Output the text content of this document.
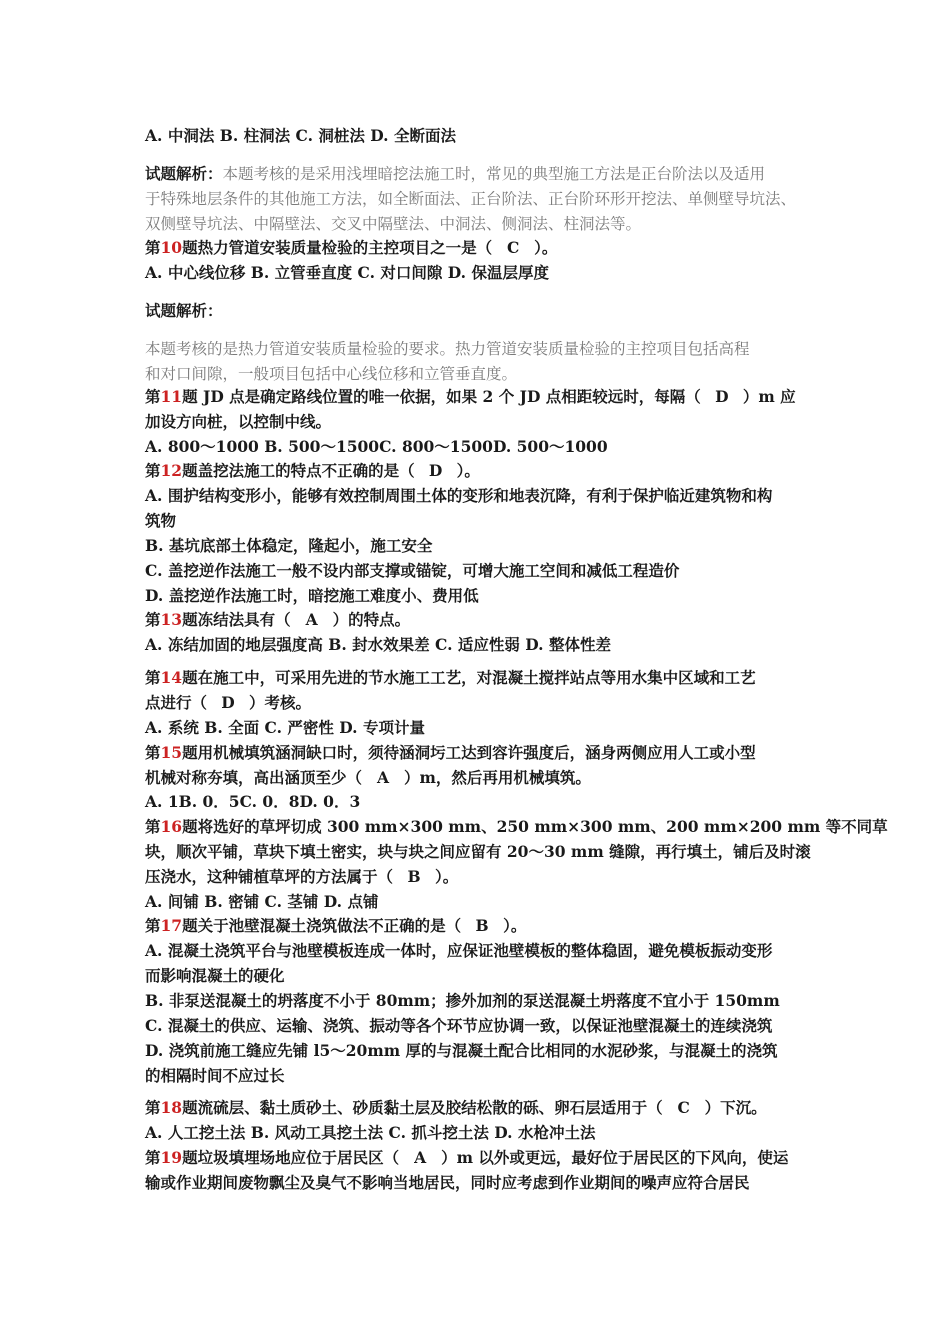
A. 中洞法 B. 柱洞法 C. 洞桩法 D. 全断面法
试题解析：本题考核的是采用浅埋暗挖法施工时，常见的典型施工方法是正台阶法以及适用
于特殊地层条件的其他施工方法，如全断面法、正台阶法、正台阶环形开挖法、单侧壁导坑法、
双侧壁导坑法、中隔壁法、交叉中隔壁法、中洞法、侧洞法、柱洞法等。
第10题热力管道安装质量检验的主控项目之一是（ C ）。
A. 中心线位移 B. 立管垂直度 C. 对口间隙 D. 保温层厚度
试题解析：
本题考核的是热力管道安装质量检验的要求。热力管道安装质量检验的主控项目包括高程
和对口间隙，一般项目包括中心线位移和立管垂直度。
第11题 JD 点是确定路线位置的唯一依据，如果 2 个 JD 点相距较远时，每隔（ D ）m 应
加设方向桩，以控制中线。
A. 800～1000 B. 500～1500C. 800～1500D. 500～1000
第12题盖挖法施工的特点不正确的是（ D ）。
A. 围护结构变形小，能够有效控制周围土体的变形和地表沉降，有利于保护临近建筑物和构
筑物
B. 基坑底部土体稳定，隆起小，施工安全
C. 盖挖逆作法施工一般不设内部支撑或锚锭，可增大施工空间和减低工程造价
D. 盖挖逆作法施工时，暗挖施工难度小、费用低
第13题冻结法具有（ A ）的特点。
A. 冻结加固的地层强度高 B. 封水效果差 C. 适应性弱 D. 整体性差
第14题在施工中，可采用先进的节水施工工艺，对混凝土搅拌站点等用水集中区域和工艺
点进行（ D ）考核。
A. 系统 B. 全面 C. 严密性 D. 专项计量
第15题用机械填筑涵洞缺口时，须待涵洞圬工达到容许强度后，涵身两侧应用人工或小型
机械对称夯填，高出涵顶至少（ A ）m，然后再用机械填筑。
A. 1B. 0．5C. 0．8D. 0．3
第16题将选好的草坪切成 300 mm×300 mm、250 mm×300 mm、200 mm×200 mm 等不同草
块，顺次平铺，草块下填土密实，块与块之间应留有 20～30 mm 缝隙，再行填土，铺后及时滚
压浇水，这种铺植草坪的方法属于（ B ）。
A. 间铺 B. 密铺 C. 茎铺 D. 点铺
第17题关于池壁混凝土浇筑做法不正确的是（ B ）。
A. 混凝土浇筑平台与池壁模板连成一体时，应保证池壁模板的整体稳固，避免模板振动变形
而影响混凝土的硬化
B. 非泵送混凝土的坍落度不小于 80mm；掺外加剂的泵送混凝土坍落度不宜小于 150mm
C. 混凝土的供应、运输、浇筑、振动等各个环节应协调一致，以保证池壁混凝土的连续浇筑
D. 浇筑前施工缝应先铺 l5～20mm 厚的与混凝土配合比相同的水泥砂浆，与混凝土的浇筑
的相隔时间不应过长
第18题流硫层、黏土质砂土、砂质黏土层及胶结松散的砾、卵石层适用于（ C ）下沉。
A. 人工挖土法 B. 风动工具挖土法 C. 抓斗挖土法 D. 水枪冲土法
第19题垃圾填埋场地应位于居民区（ A ）m 以外或更远，最好位于居民区的下风向，使运
输或作业期间废物飘尘及臭气不影响当地居民，同时应考虑到作业期间的噪声应符合居民
